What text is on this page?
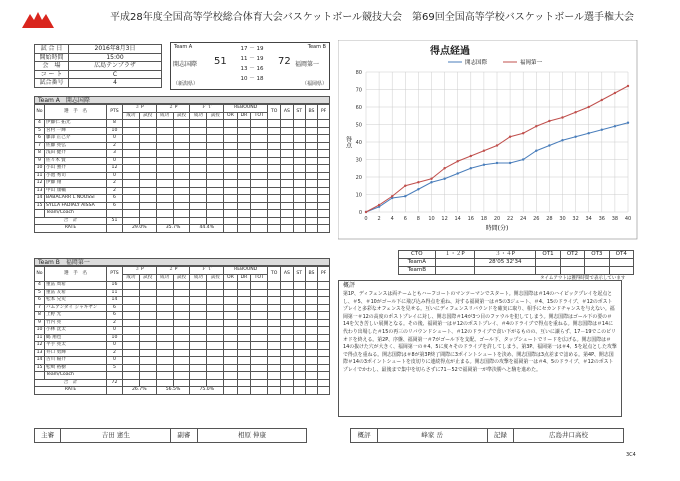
平成28年度全国高等学校総合体育大会バスケットボール競技大会　第69回全国高等学校バスケットボール選手権大会
試 合 日	2016年8月3日
開始時間	15:00
会　場	広島テンプラザ
コ ー ト	C
試合番号	4
Team A	Team B
開志国際 51
17 － 19
11 － 19
13 － 16
10 － 18
72 福岡第一
（新潟県）	（福岡県）
Team A　開志国際
No	選　手　名	PTS	３ P		２ P		Ｆ Ｔ		REBOUND			TO	AS	ST	BS	PF
			成功	試投	成功	試投	成功	試投	OR	DR	TOT					
4	伊藤仁 拓光	8														
5	宮村 一輝	10														
6	藤澤 正己介	0														
7	佐藤 亮弘	2														
8	浅田 健介	3														
9	佐々木 賢	0														
10	小山 強介	12														
11	小池 秀司	0														
12	伊藤 翔	2														
13	中山 康輔	2														
14	BABACARR L NOOSSI	6														
15	SYLLA FADIALY AISSA	6														
	Team/Coach															
合　計		51														
RATE			29.0%		35.7%		44.4%									
Team B　福岡第一
No	選　手　名	PTS	３ P		２ P		Ｆ Ｔ		REBOUND			TO	AS	ST	BS	PF
			成功	試投	成功	試投	成功	試投	OR	DR	TOT					
4	重冨 周希	16														
5	重冨 友希	11														
6	松本 兄史	14														
7	バムアンダイ ジャキヤン	6														
8	上野 光	6														
9	竹内 亮	2														
10	小林 洸太	0														
11	鶴 翔也	10														
12	平手 亮太	0														
13	井口 勇輝	2														
14	古川 陽介	0														
15	松崎 裕樹	5														
	Team/Coach															
合　計		72														
RATE			26.7%		56.5%		75.0%									
得点経過
0
10
20
30
40
50
60
70
80
0 2 4 6 8 10 12 14 16 18 20 22 24 26 28 30 32 34 36 38 40
時間(分)
得点
開志国際	福岡第一
CTO	１・２P	３・４P	OT1	OT2	OT3	OT4
TeamA		28'05 32'34				
TeamB						
タイムアウトは獲得時間で表示しています
概評
第1P、ディフェンスは両チームともハーフコートのマンツーマンでスタート。開志国際は＃14のハイピックプレイを起点とし、＃5、＃10がゴール下に飛び込み得点を重ね、対する福岡第一は＃5の3ジュート、＃4、15のドライブ、＃12のポストプレイと多彩なオフェンスを見せる。互いにディフェンスリバウンドを確実に取り、相手にセカンドチャンスを与えない。福岡第一＃12の高度のポストプレイに対し、開志国際＃14が3つ目のファウルを犯してしまう。開志国際はゴール下の要の＃14を欠き苦しい展開となる。その後、福岡第一は＃12のポストプレイ、＃4のドライブで得点を重ねる。開志国際は＃14に代わり出場した＃15の再三のリバウンドシュート、＃12のドライブで食い下がるものの、互いに譲らず、17－19でこのピリオドを終える。第2P、序盤、福岡第一＃7がゴール下を支配、ゴール下、タップシュートでリードを広げる。開志国際は＃14の抜けた穴が大きく、福岡第一の＃4、5に度々そのドライブを許してしまう。第3P、福岡第一は＃4、5を起点とした攻撃で得点を重ねる。開志国際は＃8が第3P終了間際に3ポイントシュートを決め、開志国際は3点差まで詰める。第4P、開志国際＃14の3ポイントシュートを皮切りに連続得点が止まる。開志国際の攻撃を福岡第一は＃4、5のドライブ、＃12のポストプレイでかわし、最後まで集中を切らさずに71－52で福岡第一が準決勝へと駒を進めた。
主審	吉田 憲生	副審	相原 伸康		概評	峰家 岳	記録	広島井口高校
3C4
